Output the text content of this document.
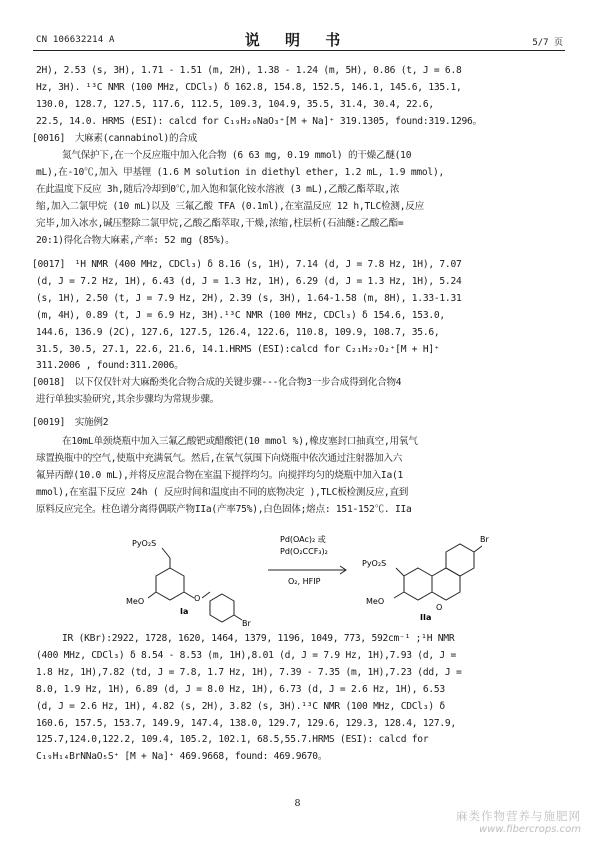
CN 106632214 A	说 明 书	5/7 页
2H), 2.53 (s, 3H), 1.71 - 1.51 (m, 2H), 1.38 - 1.24 (m, 5H), 0.86 (t, J = 6.8
Hz, 3H). ¹³C NMR (100 MHz, CDCl₃) δ 162.8, 154.8, 152.5, 146.1, 145.6, 135.1,
130.0, 128.7, 127.5, 117.6, 112.5, 109.3, 104.9, 35.5, 31.4, 30.4, 22.6,
22.5, 14.0. HRMS (ESI): calcd for C₁₉H₂₀NaO₃⁺[M + Na]⁺ 319.1305, found:319.1296。
[0016] 大麻素(cannabinol)的合成
氮气保护下,在一个反应瓶中加入化合物 (6 63 mg, 0.19 mmol) 的干燥乙醚(10
mL),在-10℃,加入 甲基锂 (1.6 M solution in diethyl ether, 1.2 mL, 1.9 mmol),
在此温度下反应 3h,随后冷却到0℃,加入饱和氯化铵水溶液 (3 mL),乙酸乙酯萃取,浓
缩,加入二氯甲烷 (10 mL)以及 三氟乙酸 TFA (0.1ml),在室温反应 12 h,TLC检测,反应
完毕,加入冰水,碱压整除二氯甲烷,乙酸乙酯萃取,干燥,浓缩,柱层析(石油醚:乙酸乙酯=
20:1)得化合物大麻素,产率: 52 mg (85%)。
[0017] ¹H NMR (400 MHz, CDCl₃) δ 8.16 (s, 1H), 7.14 (d, J = 7.8 Hz, 1H), 7.07
(d, J = 7.2 Hz, 1H), 6.43 (d, J = 1.3 Hz, 1H), 6.29 (d, J = 1.3 Hz, 1H), 5.24
(s, 1H), 2.50 (t, J = 7.9 Hz, 2H), 2.39 (s, 3H), 1.64-1.58 (m, 8H), 1.33-1.31
(m, 4H), 0.89 (t, J = 6.9 Hz, 3H).¹³C NMR (100 MHz, CDCl₃) δ 154.6, 153.0,
144.6, 136.9 (2C), 127.6, 127.5, 126.4, 122.6, 110.8, 109.9, 108.7, 35.6,
31.5, 30.5, 27.1, 22.6, 21.6, 14.1.HRMS (ESI):calcd for C₂₁H₂₇O₂⁺[M + H]⁺
311.2006 , found:311.2006。
[0018] 以下仅仅针对大麻酚类化合物合成的关键步骤---化合物3一步合成得到化合物4
进行单独实验研究,其余步骤均为常规步骤。
[0019] 实施例2
在10mL单颈烧瓶中加入三氟乙酸钯或醋酸钯(10 mmol %),橡皮塞封口抽真空,用氧气
球置换瓶中的空气,使瓶中充满氧气。然后,在氧气氛围下向烧瓶中依次通过注射器加入六
氟异丙醇(10.0 mL),并将反应混合物在室温下搅拌均匀。向搅拌均匀的烧瓶中加入Ia(1
mmol),在室温下反应 24h ( 反应时间和温度由不同的底物决定 ),TLC板检测反应,直到
原料反应完全。柱色谱分离得偶联产物IIa(产率75%),白色固体;熔点: 151-152℃. IIa
PyO₂S
MeO	O
Ia
Br
Pd(OAc)₂ 或
Pd(O₂CCF₃)₂
O₂, HFIP
PyO₂S
MeO
O
IIa
Br
IR (KBr):2922, 1728, 1620, 1464, 1379, 1196, 1049, 773, 592cm⁻¹ ;¹H NMR
(400 MHz, CDCl₃) δ 8.54 - 8.53 (m, 1H),8.01 (d, J = 7.9 Hz, 1H),7.93 (d, J =
1.8 Hz, 1H),7.82 (td, J = 7.8, 1.7 Hz, 1H), 7.39 - 7.35 (m, 1H),7.23 (dd, J =
8.0, 1.9 Hz, 1H), 6.89 (d, J = 8.0 Hz, 1H), 6.73 (d, J = 2.6 Hz, 1H), 6.53
(d, J = 2.6 Hz, 1H), 4.82 (s, 2H), 3.82 (s, 3H).¹³C NMR (100 MHz, CDCl₃) δ
160.6, 157.5, 153.7, 149.9, 147.4, 138.0, 129.7, 129.6, 129.3, 128.4, 127.9,
125.7,124.0,122.2, 109.4, 105.2, 102.1, 68.5,55.7.HRMS (ESI): calcd for
C₁₉H₁₄BrNNaO₅S⁺ [M + Na]⁺ 469.9668, found: 469.9670。
8
麻类作物营养与施肥网
www.fibercrops.com
